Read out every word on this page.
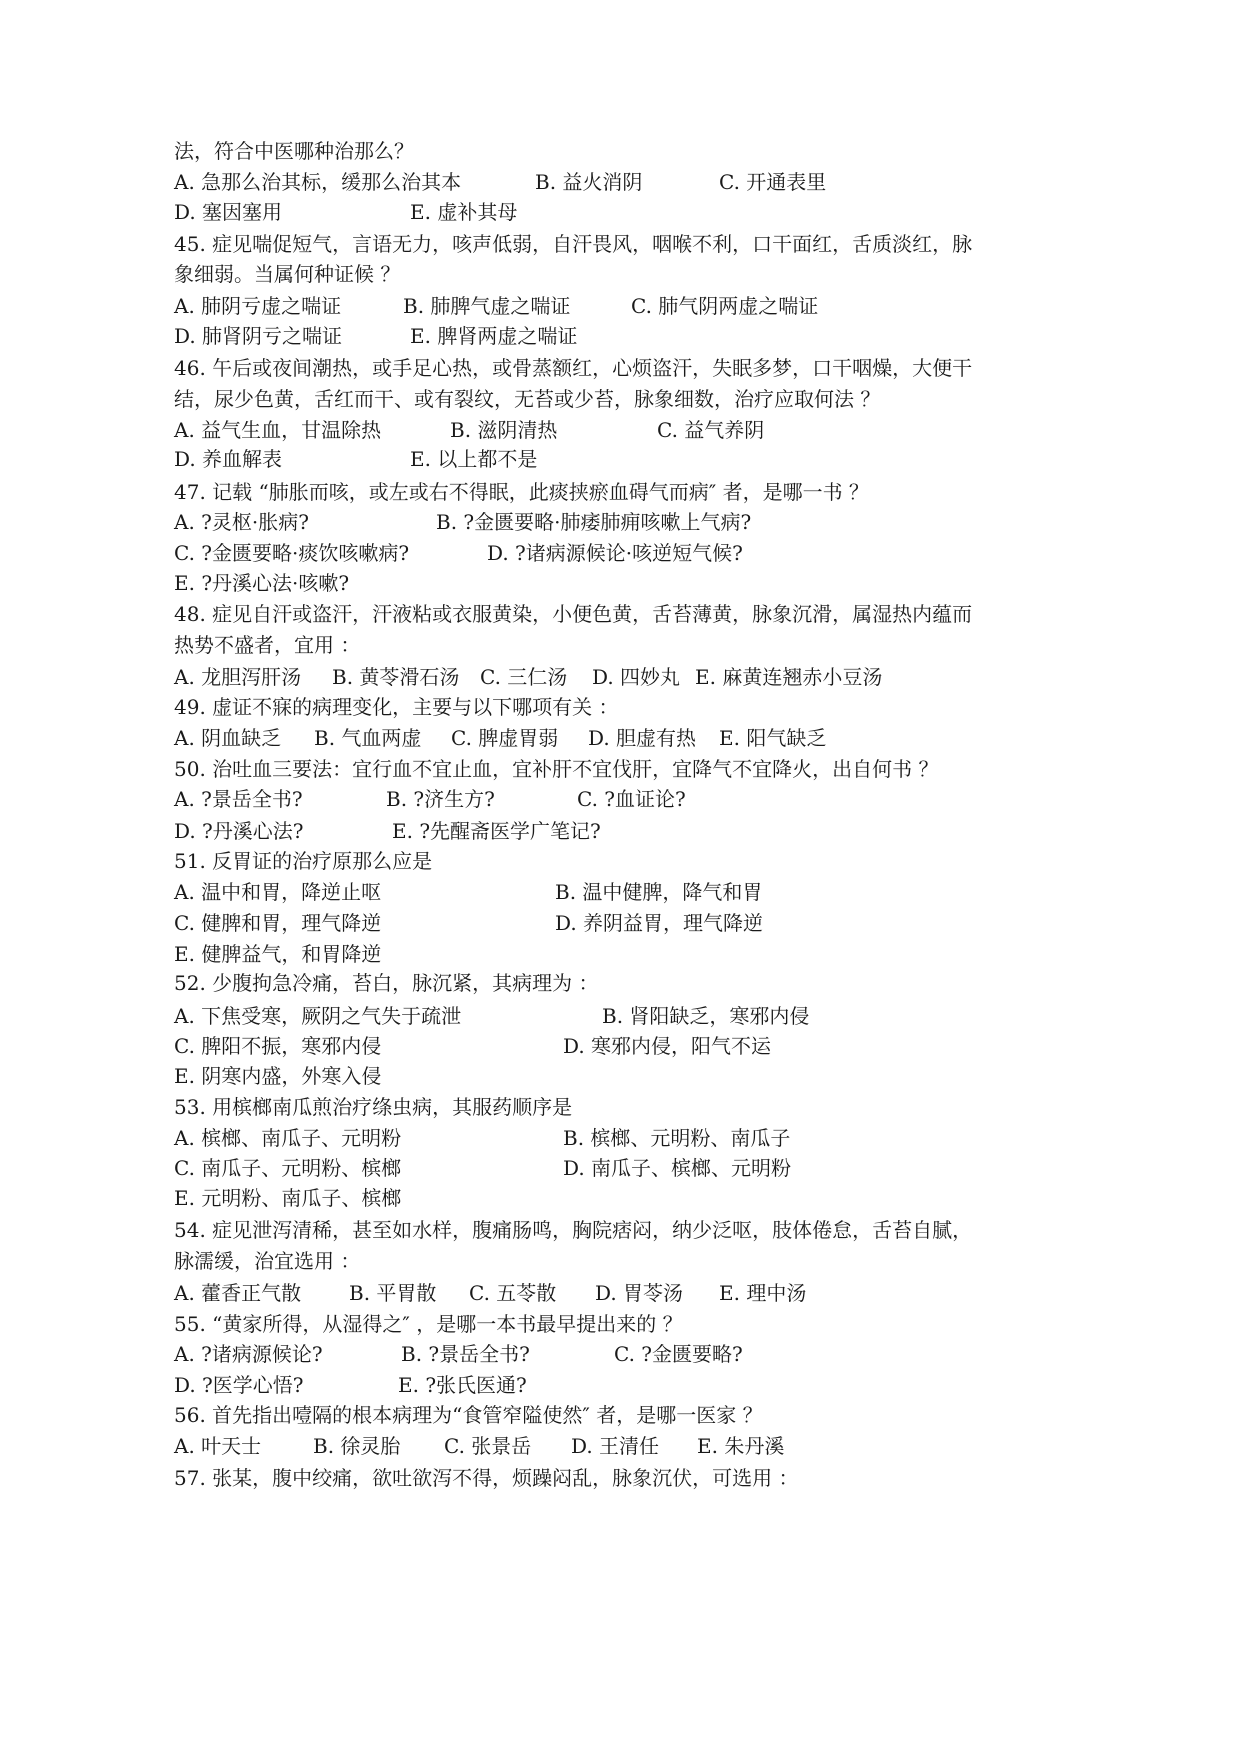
法，符合中医哪种治那么？
A. 急那么治其标，缓那么治其本	B. 益火消阴	C. 开通表里
D. 塞因塞用	E. 虚补其母
45. 症见喘促短气，言语无力，咳声低弱，自汗畏风，咽喉不利，口干面红，舌质淡红，脉
象细弱。当属何种证候 ？
A. 肺阴亏虚之喘证	B. 肺脾气虚之喘证	C. 肺气阴两虚之喘证
D. 肺肾阴亏之喘证	E. 脾肾两虚之喘证
46. 午后或夜间潮热，或手足心热，或骨蒸额红，心烦盗汗，失眠多梦，口干咽燥，大便干
结，尿少色黄，舌红而干、或有裂纹，无苔或少苔，脉象细数，治疗应取何法 ？
A. 益气生血，甘温除热	B. 滋阴清热	C. 益气养阴
D. 养血解表	E. 以上都不是
47. 记载 “肺胀而咳，或左或右不得眠，此痰挟瘀血碍气而病″ 者，是哪一书 ？
A. ?灵枢·胀病?	B. ?金匮要略·肺痿肺痈咳嗽上气病?
C. ?金匮要略·痰饮咳嗽病?	D. ?诸病源候论·咳逆短气候?
E. ?丹溪心法·咳嗽?
48. 症见自汗或盗汗，汗液粘或衣服黄染，小便色黄，舌苔薄黄，脉象沉滑，属湿热内蕴而
热势不盛者，宜用 ：
A. 龙胆泻肝汤 B. 黄苓滑石汤 C. 三仁汤 D. 四妙丸 E. 麻黄连翘赤小豆汤
49. 虚证不寐的病理变化，主要与以下哪项有关 ：
A. 阴血缺乏 B. 气血两虚 C. 脾虚胃弱 D. 胆虚有热 E. 阳气缺乏
50. 治吐血三要法：宜行血不宜止血，宜补肝不宜伐肝，宜降气不宜降火，出自何书 ？
A. ?景岳全书?	B. ?济生方?	C. ?血证论?
D. ?丹溪心法?	E. ?先醒斋医学广笔记?
51. 反胃证的治疗原那么应是
A. 温中和胃，降逆止呕	B. 温中健脾，降气和胃
C. 健脾和胃，理气降逆	D. 养阴益胃，理气降逆
E. 健脾益气，和胃降逆
52. 少腹拘急冷痛，苔白，脉沉紧，其病理为 ：
A. 下焦受寒，厥阴之气失于疏泄	B. 肾阳缺乏，寒邪内侵
C. 脾阳不振，寒邪内侵	D. 寒邪内侵，阳气不运
E. 阴寒内盛，外寒入侵
53. 用槟榔南瓜煎治疗绦虫病，其服药顺序是
A. 槟榔、南瓜子、元明粉	B. 槟榔、元明粉、南瓜子
C. 南瓜子、元明粉、槟榔	D. 南瓜子、槟榔、元明粉
E. 元明粉、南瓜子、槟榔
54. 症见泄泻清稀，甚至如水样，腹痛肠鸣，胸院痞闷，纳少泛呕，肢体倦怠，舌苔自腻，
脉濡缓，治宜选用 ：
A. 藿香正气散 B. 平胃散 C. 五苓散 D. 胃苓汤 E. 理中汤
55. “黄家所得，从湿得之″ ，是哪一本书最早提出来的 ？
A. ?诸病源候论?	B. ?景岳全书?	C. ?金匮要略?
D. ?医学心悟?	E. ?张氏医通?
56. 首先指出噎隔的根本病理为“食管窄隘使然″ 者，是哪一医家 ？
A. 叶天士	B. 徐灵胎 C. 张景岳 D. 王清任 E. 朱丹溪
57. 张某，腹中绞痛，欲吐欲泻不得，烦躁闷乱，脉象沉伏，可选用 ：
